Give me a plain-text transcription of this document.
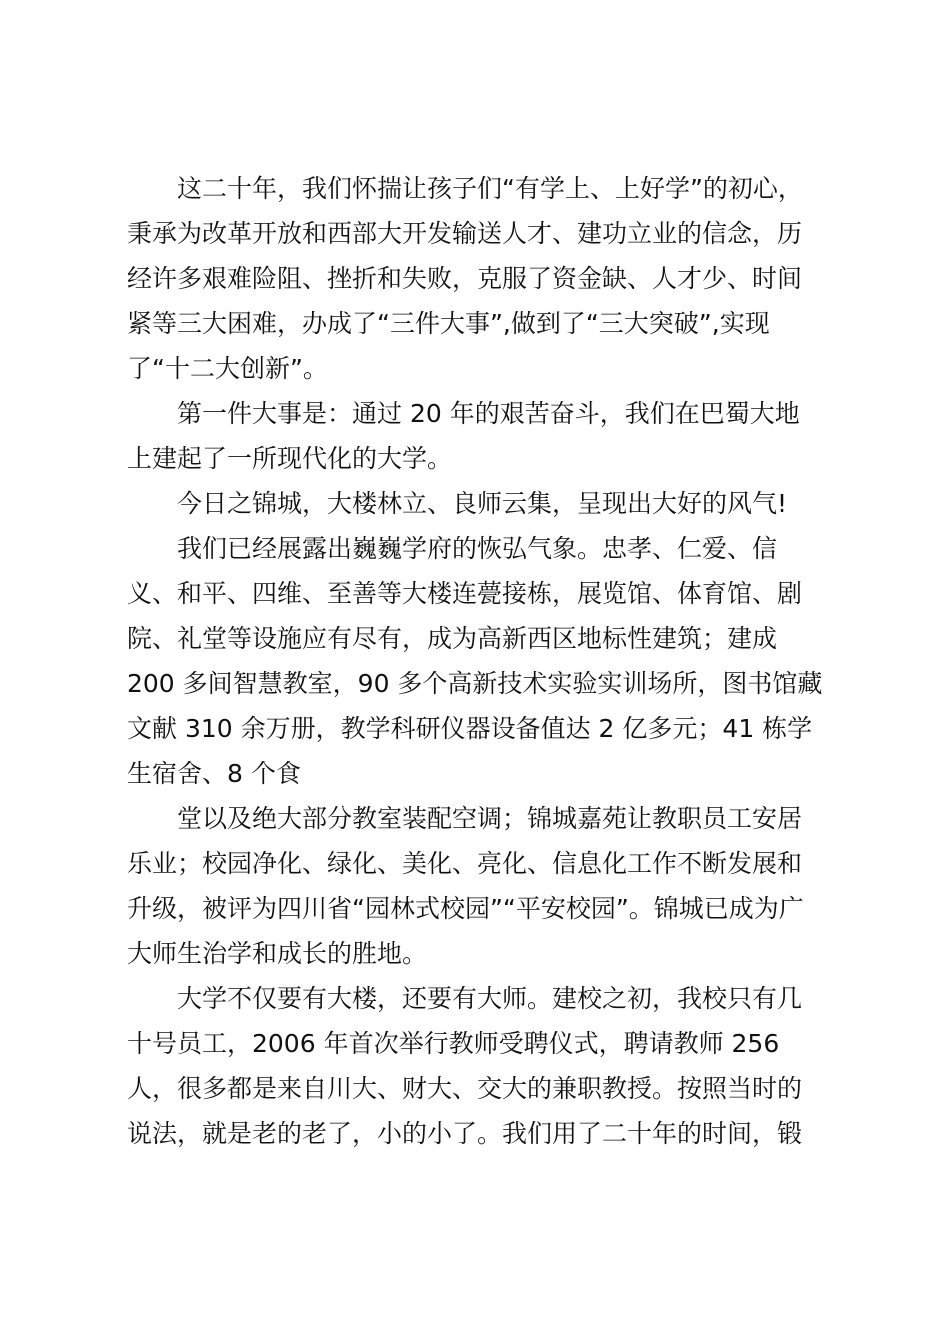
这二十年，我们怀揣让孩子们“有学上、上好学”的初心，
秉承为改革开放和西部大开发输送人才、建功立业的信念，历
经许多艰难险阻、挫折和失败，克服了资金缺、人才少、时间
紧等三大困难，办成了“三件大事”,做到了“三大突破”,实现
了“十二大创新”。
第一件大事是：通过 20 年的艰苦奋斗，我们在巴蜀大地
上建起了一所现代化的大学。
今日之锦城，大楼林立、良师云集，呈现出大好的风气!
我们已经展露出巍巍学府的恢弘气象。忠孝、仁爱、信
义、和平、四维、至善等大楼连甍接栋，展览馆、体育馆、剧
院、礼堂等设施应有尽有，成为高新西区地标性建筑；建成
200 多间智慧教室，90 多个高新技术实验实训场所，图书馆藏
文献 310 余万册，教学科研仪器设备值达 2 亿多元；41 栋学
生宿舍、8 个食
堂以及绝大部分教室装配空调；锦城嘉苑让教职员工安居
乐业；校园净化、绿化、美化、亮化、信息化工作不断发展和
升级，被评为四川省“园林式校园”“平安校园”。锦城已成为广
大师生治学和成长的胜地。
大学不仅要有大楼，还要有大师。建校之初，我校只有几
十号员工，2006 年首次举行教师受聘仪式，聘请教师 256
人，很多都是来自川大、财大、交大的兼职教授。按照当时的
说法，就是老的老了，小的小了。我们用了二十年的时间，锻
